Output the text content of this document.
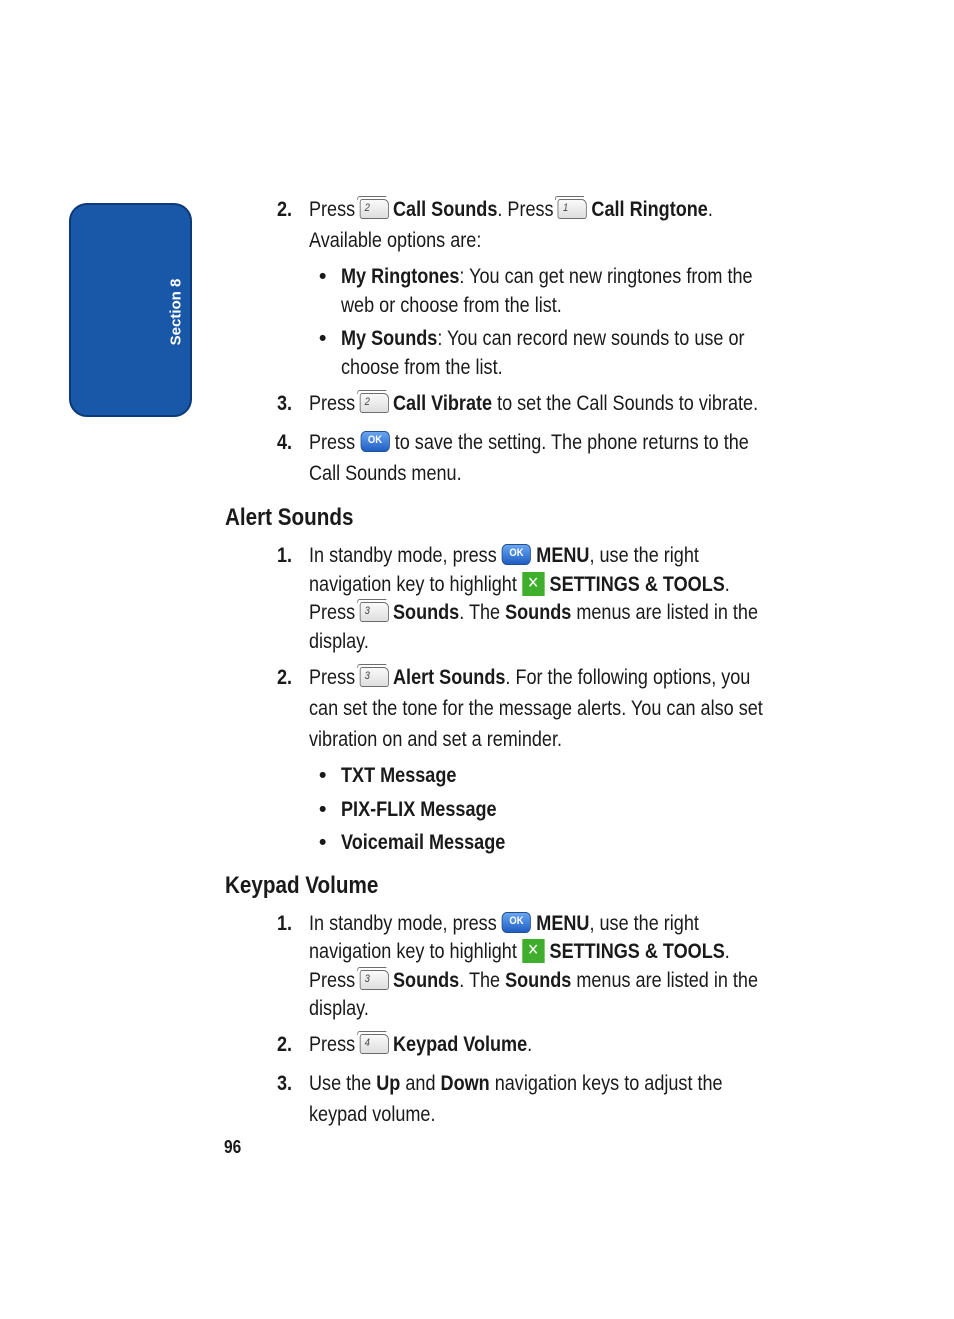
Section 8
2. Press 2 Call Sounds. Press 1 Call Ringtone.
Available options are:
• My Ringtones: You can get new ringtones from the
web or choose from the list.
• My Sounds: You can record new sounds to use or
choose from the list.
3. Press 2 Call Vibrate to set the Call Sounds to vibrate.
4. Press OK to save the setting. The phone returns to the
Call Sounds menu.
Alert Sounds
1. In standby mode, press OK MENU, use the right
navigation key to highlight ✕ SETTINGS & TOOLS.
Press 3 Sounds. The Sounds menus are listed in the
display.
2. Press 3 Alert Sounds. For the following options, you
can set the tone for the message alerts. You can also set
vibration on and set a reminder.
• TXT Message
• PIX-FLIX Message
• Voicemail Message
Keypad Volume
1. In standby mode, press OK MENU, use the right
navigation key to highlight ✕ SETTINGS & TOOLS.
Press 3 Sounds. The Sounds menus are listed in the
display.
2. Press 4 Keypad Volume.
3. Use the Up and Down navigation keys to adjust the
keypad volume.
96
